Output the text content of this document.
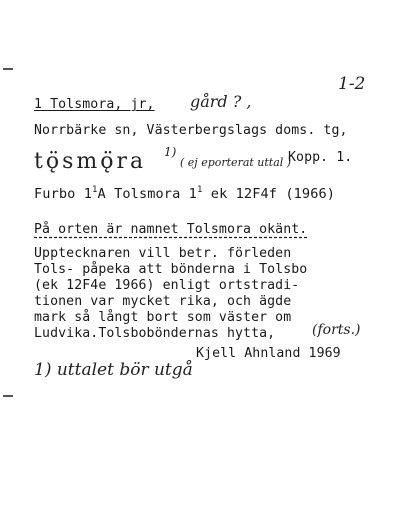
1-2
1 Tolsmora, jr, gård ? ,
Norrbärke sn, Västerbergslags doms. tg,
tǫ̈smǫ̈ra 1)
( ej eporterat uttal )
Kopp. 1.
Furbo $1^1A$ Tolsmora $1^1$ ek 12F4f (1966)
På orten är namnet Tolsmora okänt.
Upptecknaren vill betr. förleden
Tols- påpeka att bönderna i Tolsbo
(ek 12F4e 1966) enligt ortstradi-
tionen var mycket rika, och ägde
mark så långt bort som väster om
Ludvika.Tolsboböndernas hytta,	(forts.)
Kjell Ahnland 1969
1) uttalet bör utgå
